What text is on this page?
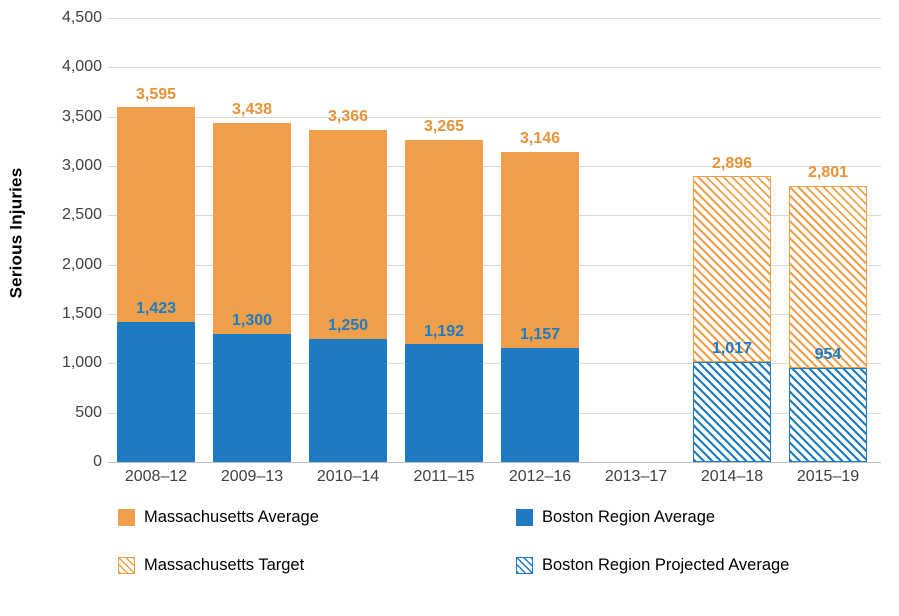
Serious Injuries
4,500
4,000
3,500
3,000
2,500
2,000
1,500
1,000
500
0
1,423
3,595
1,300
3,438
1,250
3,366
1,192
3,265
1,157
3,146
1,017
2,896
954
2,801
2008–12	2009–13	2010–14	2011–15	2012–16	2013–17	2014–18	2015–19
Massachusetts Average	Boston Region Average
Massachusetts Target	Boston Region Projected Average
